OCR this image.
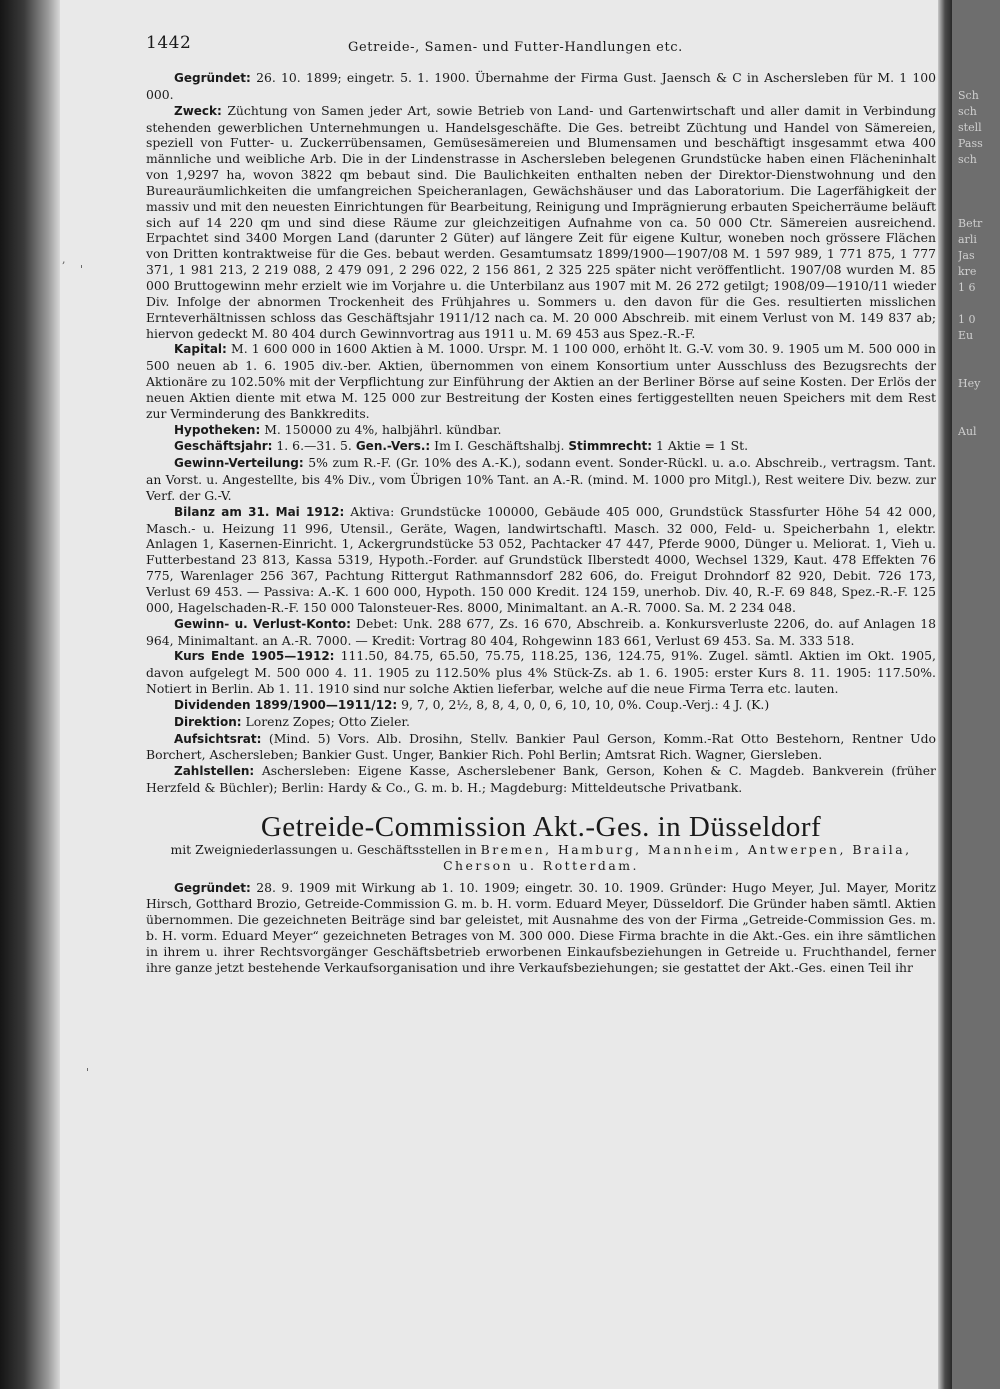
,
'
'
Sch
sch
stell
Pass
sch
Betr
arli
Jas
kre
1 6
1 0
Eu
Hey
Aul
1442	Getreide-, Samen- und Futter-Handlungen etc.

Gegründet: 26. 10. 1899; eingetr. 5. 1. 1900. Übernahme der Firma Gust. Jaensch & C in Aschersleben für M. 1 100 000.

Zweck: Züchtung von Samen jeder Art, sowie Betrieb von Land- und Gartenwirtschaft und aller damit in Verbindung stehenden gewerblichen Unternehmungen u. Handelsgeschäfte. Die Ges. betreibt Züchtung und Handel von Sämereien, speziell von Futter- u. Zuckerrübensamen, Gemüsesämereien und Blumensamen und beschäftigt insgesammt etwa 400 männliche und weibliche Arb. Die in der Lindenstrasse in Aschersleben belegenen Grundstücke haben einen Flächeninhalt von 1,9297 ha, wovon 3822 qm bebaut sind. Die Baulichkeiten enthalten neben der Direktor-Dienstwohnung und den Bureauräumlichkeiten die umfangreichen Speicheranlagen, Gewächshäuser und das Laboratorium. Die Lagerfähigkeit der massiv und mit den neuesten Einrichtungen für Bearbeitung, Reinigung und Imprägnierung erbauten Speicherräume beläuft sich auf 14 220 qm und sind diese Räume zur gleichzeitigen Aufnahme von ca. 50 000 Ctr. Sämereien ausreichend. Erpachtet sind 3400 Morgen Land (darunter 2 Güter) auf längere Zeit für eigene Kultur, woneben noch grössere Flächen von Dritten kontraktweise für die Ges. bebaut werden. Gesamtumsatz 1899/1900—1907/08 M. 1 597 989, 1 771 875, 1 777 371, 1 981 213, 2 219 088, 2 479 091, 2 296 022, 2 156 861, 2 325 225 später nicht veröffentlicht. 1907/08 wurden M. 85 000 Bruttogewinn mehr erzielt wie im Vorjahre u. die Unterbilanz aus 1907 mit M. 26 272 getilgt; 1908/09—1910/11 wieder Div. Infolge der abnormen Trockenheit des Frühjahres u. Sommers u. den davon für die Ges. resultierten misslichen Ernteverhältnissen schloss das Geschäftsjahr 1911/12 nach ca. M. 20 000 Abschreib. mit einem Verlust von M. 149 837 ab; hiervon gedeckt M. 80 404 durch Gewinnvortrag aus 1911 u. M. 69 453 aus Spez.-R.-F.

Kapital: M. 1 600 000 in 1600 Aktien à M. 1000. Urspr. M. 1 100 000, erhöht lt. G.-V. vom 30. 9. 1905 um M. 500 000 in 500 neuen ab 1. 6. 1905 div.-ber. Aktien, übernommen von einem Konsortium unter Ausschluss des Bezugsrechts der Aktionäre zu 102.50% mit der Verpflichtung zur Einführung der Aktien an der Berliner Börse auf seine Kosten. Der Erlös der neuen Aktien diente mit etwa M. 125 000 zur Bestreitung der Kosten eines fertiggestellten neuen Speichers mit dem Rest zur Verminderung des Bankkredits.

Hypotheken: M. 150000 zu 4%, halbjährl. kündbar.

Geschäftsjahr: 1. 6.—31. 5. Gen.-Vers.: Im I. Geschäftshalbj. Stimmrecht: 1 Aktie = 1 St.

Gewinn-Verteilung: 5% zum R.-F. (Gr. 10% des A.-K.), sodann event. Sonder-Rückl. u. a.o. Abschreib., vertragsm. Tant. an Vorst. u. Angestellte, bis 4% Div., vom Übrigen 10% Tant. an A.-R. (mind. M. 1000 pro Mitgl.), Rest weitere Div. bezw. zur Verf. der G.-V.

Bilanz am 31. Mai 1912: Aktiva: Grundstücke 100000, Gebäude 405 000, Grundstück Stassfurter Höhe 54 42 000, Masch.- u. Heizung 11 996, Utensil., Geräte, Wagen, landwirtschaftl. Masch. 32 000, Feld- u. Speicherbahn 1, elektr. Anlagen 1, Kasernen-Einricht. 1, Ackergrundstücke 53 052, Pachtacker 47 447, Pferde 9000, Dünger u. Meliorat. 1, Vieh u. Futterbestand 23 813, Kassa 5319, Hypoth.-Forder. auf Grundstück Ilberstedt 4000, Wechsel 1329, Kaut. 478 Effekten 76 775, Warenlager 256 367, Pachtung Rittergut Rathmannsdorf 282 606, do. Freigut Drohndorf 82 920, Debit. 726 173, Verlust 69 453. — Passiva: A.-K. 1 600 000, Hypoth. 150 000 Kredit. 124 159, unerhob. Div. 40, R.-F. 69 848, Spez.-R.-F. 125 000, Hagelschaden-R.-F. 150 000 Talonsteuer-Res. 8000, Minimaltant. an A.-R. 7000. Sa. M. 2 234 048.

Gewinn- u. Verlust-Konto: Debet: Unk. 288 677, Zs. 16 670, Abschreib. a. Konkursverluste 2206, do. auf Anlagen 18 964, Minimaltant. an A.-R. 7000. — Kredit: Vortrag 80 404, Rohgewinn 183 661, Verlust 69 453. Sa. M. 333 518.

Kurs Ende 1905—1912: 111.50, 84.75, 65.50, 75.75, 118.25, 136, 124.75, 91%. Zugel. sämtl. Aktien im Okt. 1905, davon aufgelegt M. 500 000 4. 11. 1905 zu 112.50% plus 4% Stück-Zs. ab 1. 6. 1905: erster Kurs 8. 11. 1905: 117.50%. Notiert in Berlin. Ab 1. 11. 1910 sind nur solche Aktien lieferbar, welche auf die neue Firma Terra etc. lauten.

Dividenden 1899/1900—1911/12: 9, 7, 0, 2½, 8, 8, 4, 0, 0, 6, 10, 10, 0%. Coup.-Verj.: 4 J. (K.)

Direktion: Lorenz Zopes; Otto Zieler.

Aufsichtsrat: (Mind. 5) Vors. Alb. Drosihn, Stellv. Bankier Paul Gerson, Komm.-Rat Otto Bestehorn, Rentner Udo Borchert, Aschersleben; Bankier Gust. Unger, Bankier Rich. Pohl Berlin; Amtsrat Rich. Wagner, Giersleben.

Zahlstellen: Aschersleben: Eigene Kasse, Ascherslebener Bank, Gerson, Kohen & C. Magdeb. Bankverein (früher Herzfeld & Büchler); Berlin: Hardy & Co., G. m. b. H.; Magdeburg: Mitteldeutsche Privatbank.

Getreide-Commission Akt.-Ges. in Düsseldorf

mit Zweigniederlassungen u. Geschäftsstellen in Bremen, Hamburg, Mannheim, Antwerpen, Braila, Cherson u. Rotterdam.

Gegründet: 28. 9. 1909 mit Wirkung ab 1. 10. 1909; eingetr. 30. 10. 1909. Gründer: Hugo Meyer, Jul. Mayer, Moritz Hirsch, Gotthard Brozio, Getreide-Commission G. m. b. H. vorm. Eduard Meyer, Düsseldorf. Die Gründer haben sämtl. Aktien übernommen. Die gezeichneten Beiträge sind bar geleistet, mit Ausnahme des von der Firma „Getreide-Commission Ges. m. b. H. vorm. Eduard Meyer“ gezeichneten Betrages von M. 300 000. Diese Firma brachte in die Akt.-Ges. ein ihre sämtlichen in ihrem u. ihrer Rechtsvorgänger Geschäftsbetrieb erworbenen Einkaufsbeziehungen in Getreide u. Fruchthandel, ferner ihre ganze jetzt bestehende Verkaufsorganisation und ihre Verkaufsbeziehungen; sie gestattet der Akt.-Ges. einen Teil ihr
